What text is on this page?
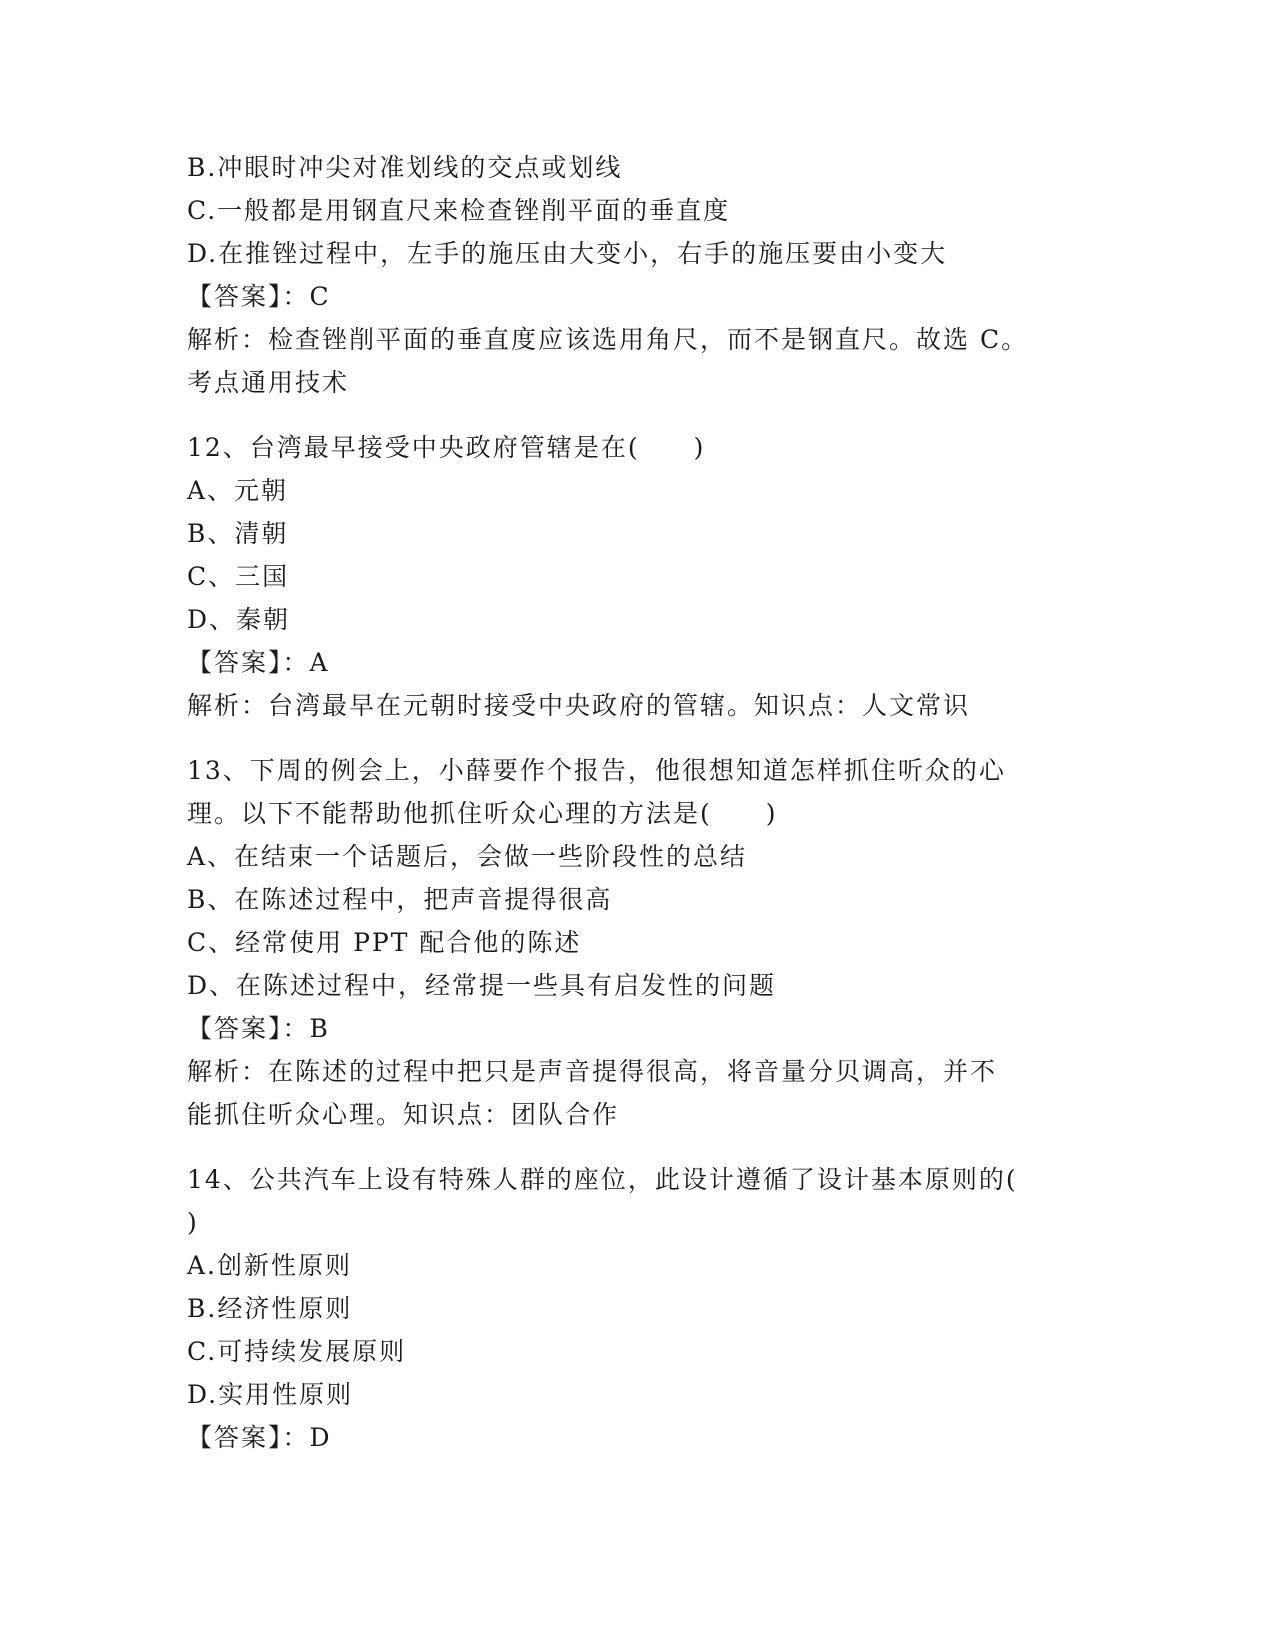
B.冲眼时冲尖对准划线的交点或划线
C.一般都是用钢直尺来检查锉削平面的垂直度
D.在推锉过程中，左手的施压由大变小，右手的施压要由小变大
【答案】：C
解析：检查锉削平面的垂直度应该选用角尺，而不是钢直尺。故选 C。
考点通用技术
12、台湾最早接受中央政府管辖是在(　　)
A、元朝
B、清朝
C、三国
D、秦朝
【答案】：A
解析：台湾最早在元朝时接受中央政府的管辖。知识点：人文常识
13、下周的例会上，小薛要作个报告，他很想知道怎样抓住听众的心
理。以下不能帮助他抓住听众心理的方法是(　　)
A、在结束一个话题后，会做一些阶段性的总结
B、在陈述过程中，把声音提得很高
C、经常使用 PPT 配合他的陈述
D、在陈述过程中，经常提一些具有启发性的问题
【答案】：B
解析：在陈述的过程中把只是声音提得很高，将音量分贝调高，并不
能抓住听众心理。知识点：团队合作
14、公共汽车上设有特殊人群的座位，此设计遵循了设计基本原则的(
)
A.创新性原则
B.经济性原则
C.可持续发展原则
D.实用性原则
【答案】：D
